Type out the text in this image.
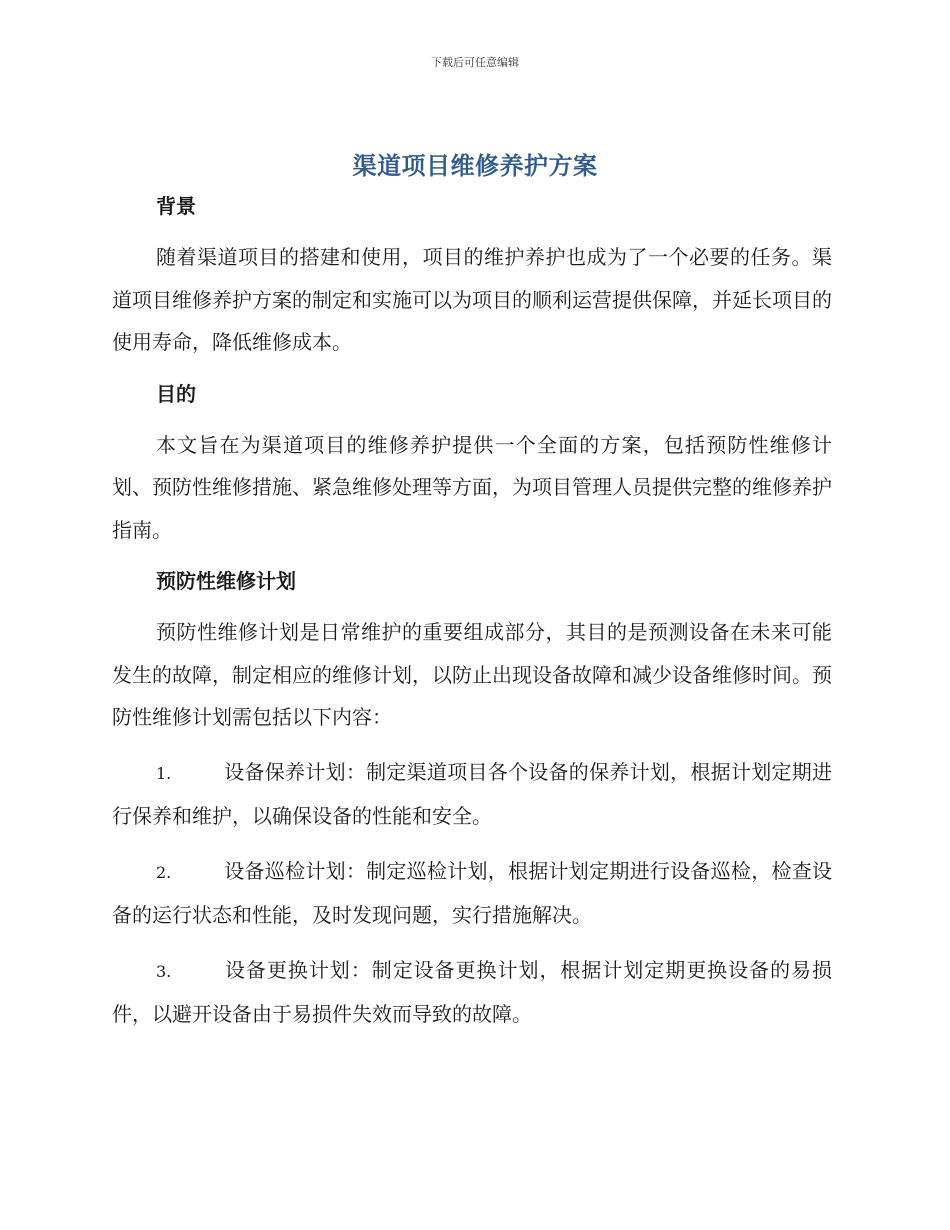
下载后可任意编辑
渠道项目维修养护方案
背景

随着渠道项目的搭建和使用，项目的维护养护也成为了一个必要的任务。渠道项目维修养护方案的制定和实施可以为项目的顺利运营提供保障，并延长项目的使用寿命，降低维修成本。

目的

本文旨在为渠道项目的维修养护提供一个全面的方案，包括预防性维修计划、预防性维修措施、紧急维修处理等方面，为项目管理人员提供完整的维修养护指南。

预防性维修计划

预防性维修计划是日常维护的重要组成部分，其目的是预测设备在未来可能发生的故障，制定相应的维修计划，以防止出现设备故障和减少设备维修时间。预防性维修计划需包括以下内容：

1.	设备保养计划：制定渠道项目各个设备的保养计划，根据计划定期进行保养和维护，以确保设备的性能和安全。

2.	设备巡检计划：制定巡检计划，根据计划定期进行设备巡检，检查设备的运行状态和性能，及时发现问题，实行措施解决。

3.	设备更换计划：制定设备更换计划，根据计划定期更换设备的易损件，以避开设备由于易损件失效而导致的故障。
